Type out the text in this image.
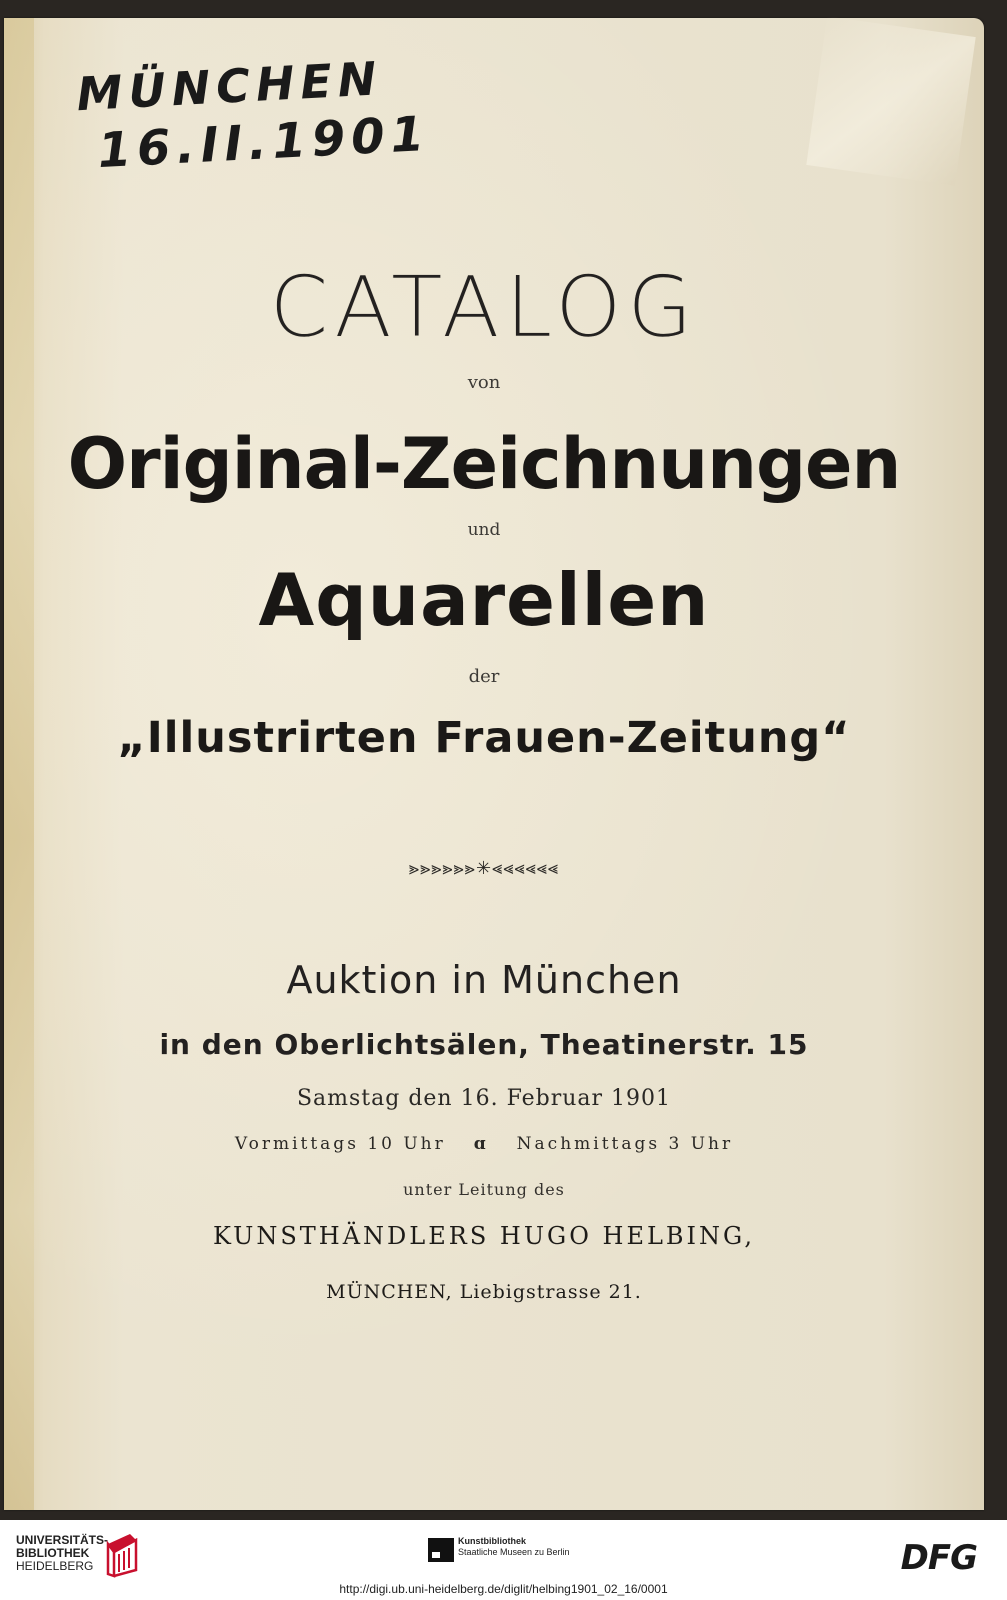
MÜNCHEN
16.II.1901
CATALOG
von
Original-Zeichnungen
und
Aquarellen
der
„Illustrirten Frauen-Zeitung“
⪢⪢⪢⪢⪢⪢✳⪡⪡⪡⪡⪡⪡
Auktion in München
in den Oberlichtsälen, Theatinerstr. 15
Samstag den 16. Februar 1901
Vormittags 10 Uhr ɑ Nachmittags 3 Uhr
unter Leitung des
KUNSTHÄNDLERS HUGO HELBING,
MÜNCHEN, Liebigstrasse 21.
UNIVERSITÄTS-
BIBLIOTHEK
HEIDELBERG
Kunstbibliothek
Staatliche Museen zu Berlin	DFG
http://digi.ub.uni-heidelberg.de/diglit/helbing1901_02_16/0001
